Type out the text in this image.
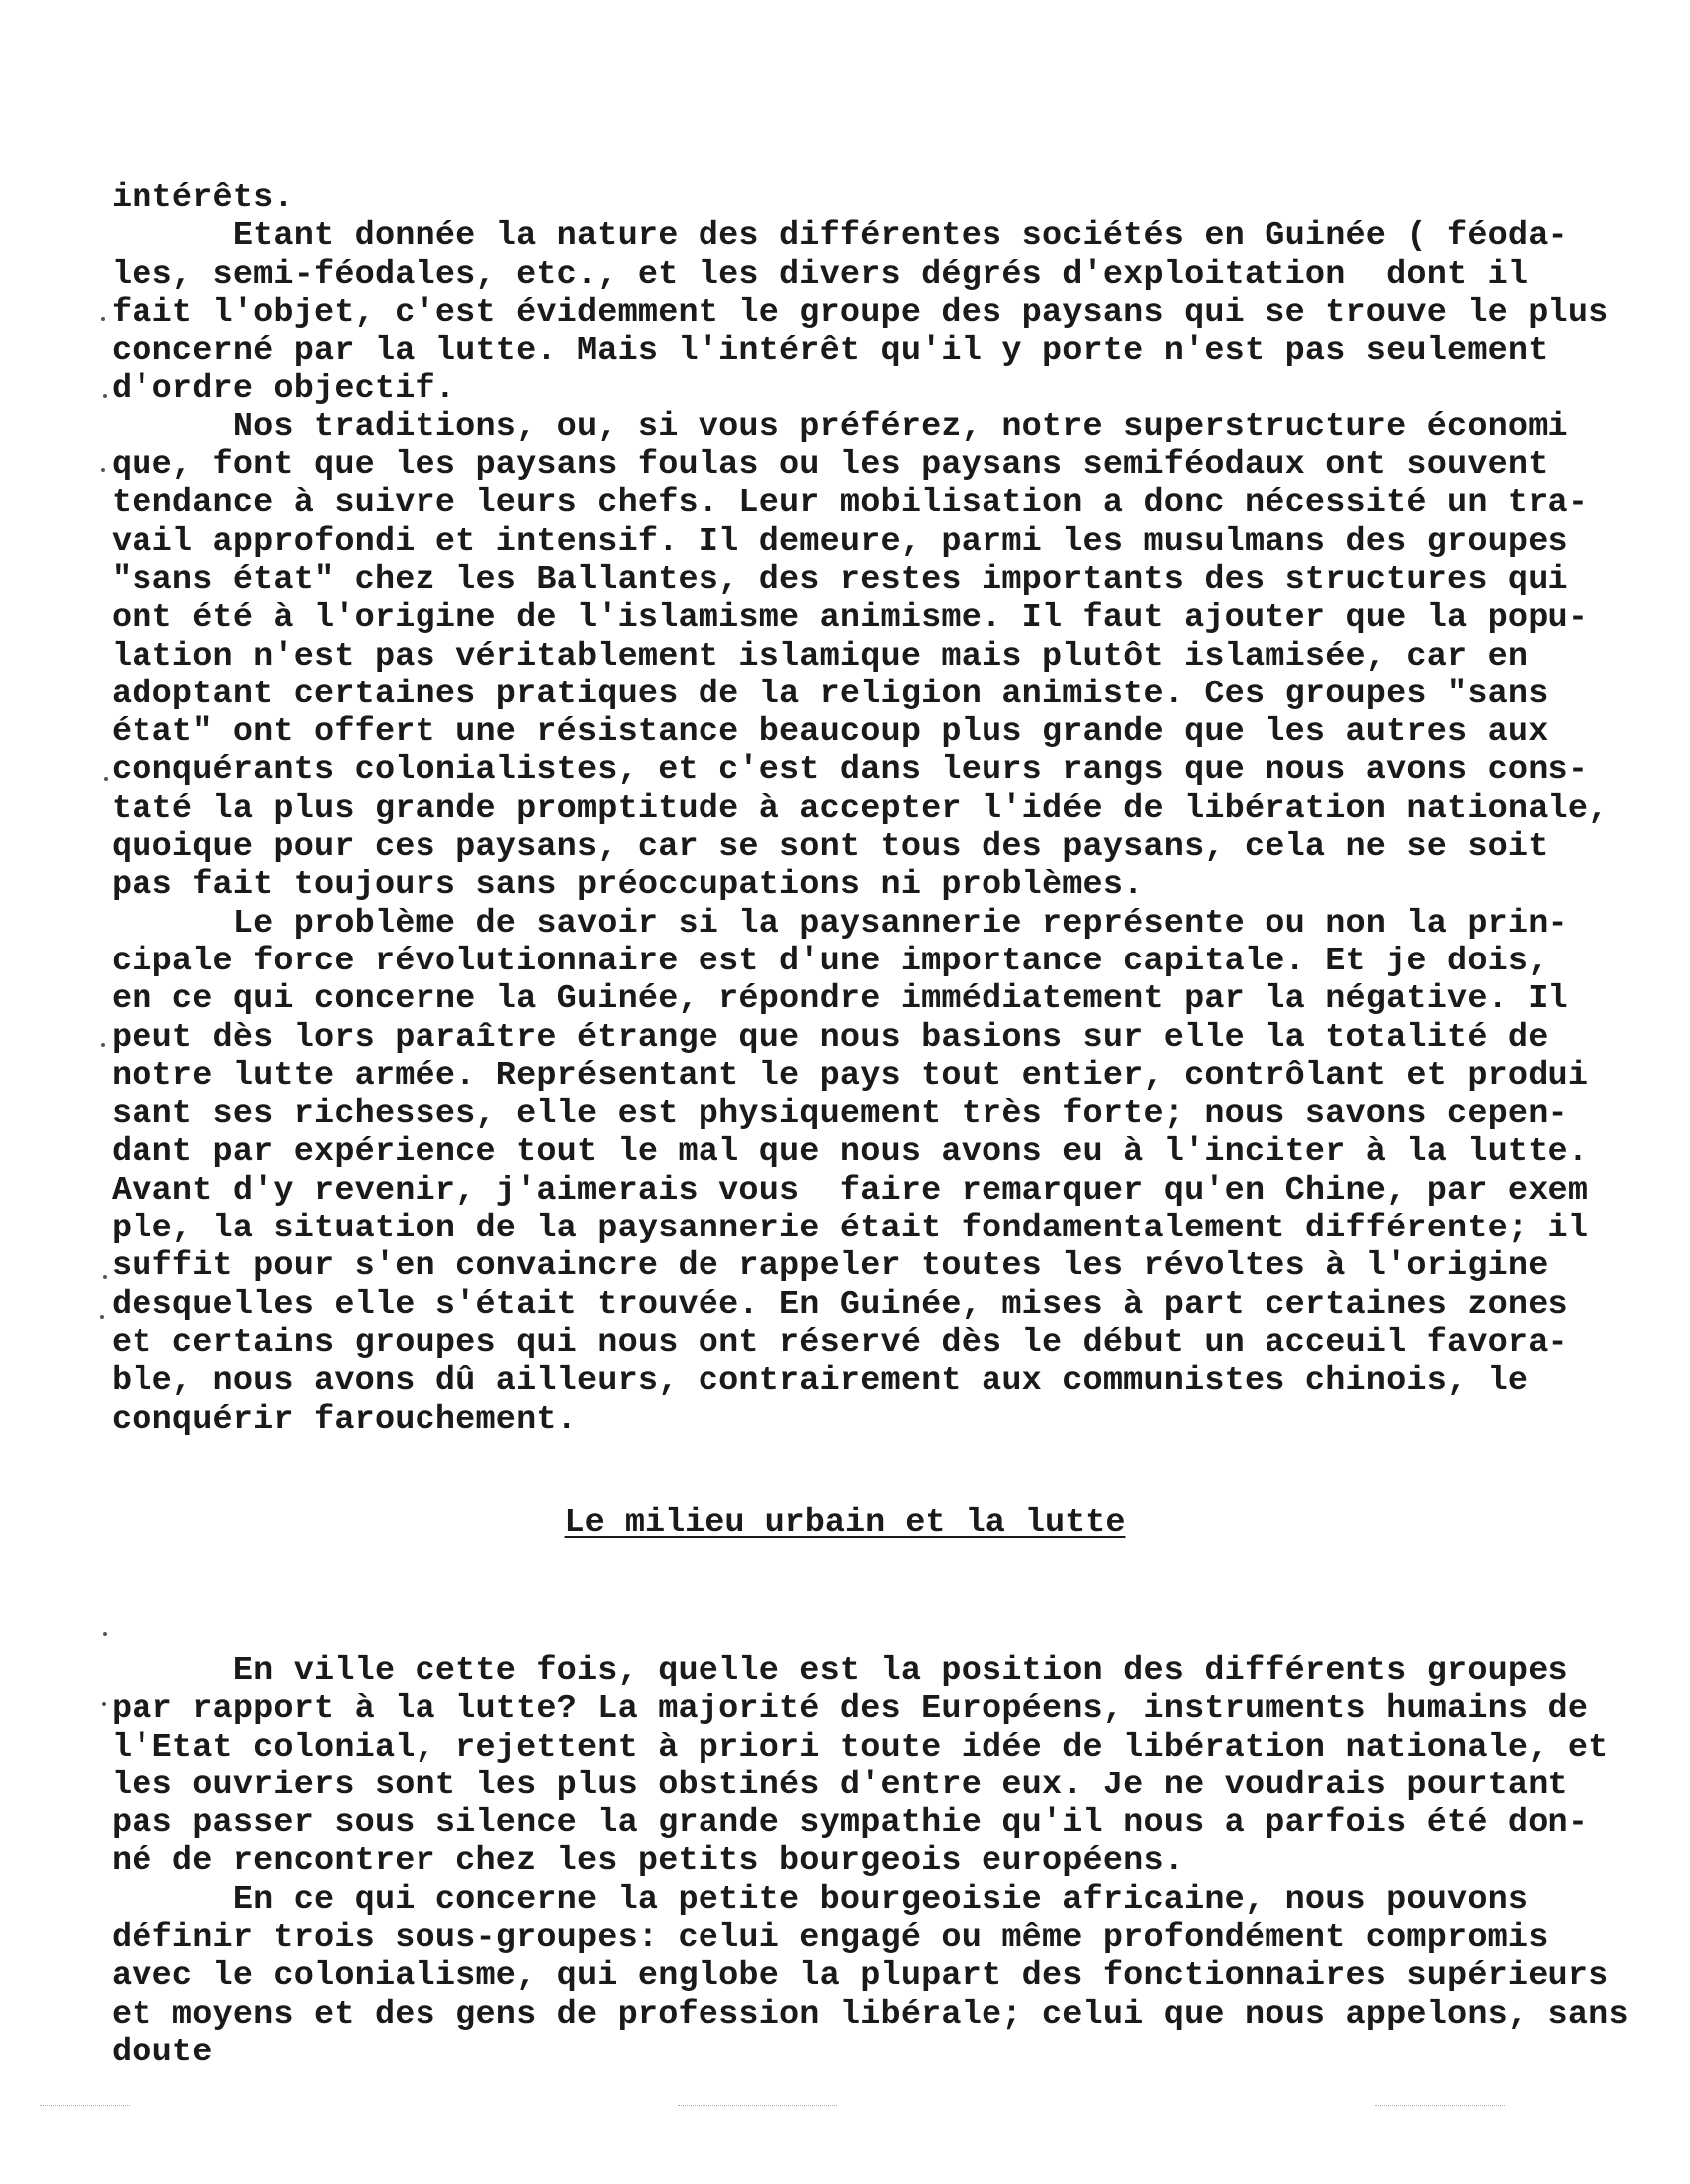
intérêts.
Etant donnée la nature des différentes sociétés en Guinée ( féoda-
les, semi-féodales, etc., et les divers dégrés d'exploitation  dont il
fait l'objet, c'est évidemment le groupe des paysans qui se trouve le plus
concerné par la lutte. Mais l'intérêt qu'il y porte n'est pas seulement
d'ordre objectif.
Nos traditions, ou, si vous préférez, notre superstructure économi
que, font que les paysans foulas ou les paysans semiféodaux ont souvent
tendance à suivre leurs chefs. Leur mobilisation a donc nécessité un tra-
vail approfondi et intensif. Il demeure, parmi les musulmans des groupes
"sans état" chez les Ballantes, des restes importants des structures qui
ont été à l'origine de l'islamisme animisme. Il faut ajouter que la popu-
lation n'est pas véritablement islamique mais plutôt islamisée, car en
adoptant certaines pratiques de la religion animiste. Ces groupes "sans
état" ont offert une résistance beaucoup plus grande que les autres aux
conquérants colonialistes, et c'est dans leurs rangs que nous avons cons-
taté la plus grande promptitude à accepter l'idée de libération nationale,
quoique pour ces paysans, car se sont tous des paysans, cela ne se soit
pas fait toujours sans préoccupations ni problèmes.
Le problème de savoir si la paysannerie représente ou non la prin-
cipale force révolutionnaire est d'une importance capitale. Et je dois,
en ce qui concerne la Guinée, répondre immédiatement par la négative. Il
peut dès lors paraître étrange que nous basions sur elle la totalité de
notre lutte armée. Représentant le pays tout entier, contrôlant et produi
sant ses richesses, elle est physiquement très forte; nous savons cepen-
dant par expérience tout le mal que nous avons eu à l'inciter à la lutte.
Avant d'y revenir, j'aimerais vous  faire remarquer qu'en Chine, par exem
ple, la situation de la paysannerie était fondamentalement différente; il
suffit pour s'en convaincre de rappeler toutes les révoltes à l'origine
desquelles elle s'était trouvée. En Guinée, mises à part certaines zones
et certains groupes qui nous ont réservé dès le début un acceuil favora-
ble, nous avons dû ailleurs, contrairement aux communistes chinois, le
conquérir farouchement.
Le milieu urbain et la lutte
En ville cette fois, quelle est la position des différents groupes
par rapport à la lutte? La majorité des Européens, instruments humains de
l'Etat colonial, rejettent à priori toute idée de libération nationale, et
les ouvriers sont les plus obstinés d'entre eux. Je ne voudrais pourtant
pas passer sous silence la grande sympathie qu'il nous a parfois été don-
né de rencontrer chez les petits bourgeois européens.
En ce qui concerne la petite bourgeoisie africaine, nous pouvons
définir trois sous-groupes: celui engagé ou même profondément compromis
avec le colonialisme, qui englobe la plupart des fonctionnaires supérieurs
et moyens et des gens de profession libérale; celui que nous appelons, sans
doute
